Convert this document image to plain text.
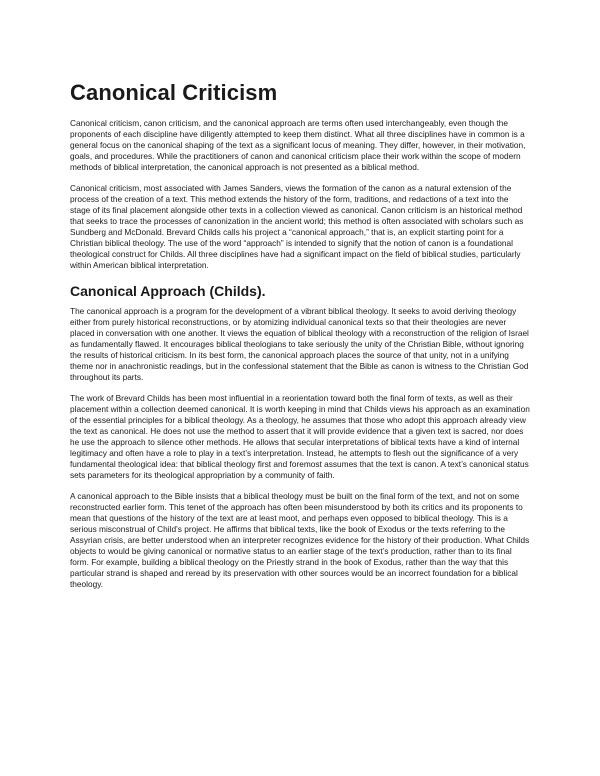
Canonical Criticism

Canonical criticism, canon criticism, and the canonical approach are terms often used interchangeably, even though the proponents of each discipline have diligently attempted to keep them distinct. What all three disciplines have in common is a general focus on the canonical shaping of the text as a significant locus of meaning. They differ, however, in their motivation, goals, and procedures. While the practitioners of canon and canonical criticism place their work within the scope of modern methods of biblical interpretation, the canonical approach is not presented as a biblical method.

Canonical criticism, most associated with James Sanders, views the formation of the canon as a natural extension of the process of the creation of a text. This method extends the history of the form, traditions, and redactions of a text into the stage of its final placement alongside other texts in a collection viewed as canonical. Canon criticism is an historical method that seeks to trace the processes of canonization in the ancient world; this method is often associated with scholars such as Sundberg and McDonald. Brevard Childs calls his project a “canonical approach,” that is, an explicit starting point for a Christian biblical theology. The use of the word “approach” is intended to signify that the notion of canon is a foundational theological construct for Childs. All three disciplines have had a significant impact on the field of biblical studies, particularly within American biblical interpretation.

Canonical Approach (Childs).

The canonical approach is a program for the development of a vibrant biblical theology. It seeks to avoid deriving theology either from purely historical reconstructions, or by atomizing individual canonical texts so that their theologies are never placed in conversation with one another. It views the equation of biblical theology with a reconstruction of the religion of Israel as fundamentally flawed. It encourages biblical theologians to take seriously the unity of the Christian Bible, without ignoring the results of historical criticism. In its best form, the canonical approach places the source of that unity, not in a unifying theme nor in anachronistic readings, but in the confessional statement that the Bible as canon is witness to the Christian God throughout its parts.

The work of Brevard Childs has been most influential in a reorientation toward both the final form of texts, as well as their placement within a collection deemed canonical. It is worth keeping in mind that Childs views his approach as an examination of the essential principles for a biblical theology. As a theology, he assumes that those who adopt this approach already view the text as canonical. He does not use the method to assert that it will provide evidence that a given text is sacred, nor does he use the approach to silence other methods. He allows that secular interpretations of biblical texts have a kind of internal legitimacy and often have a role to play in a text’s interpretation. Instead, he attempts to flesh out the significance of a very fundamental theological idea: that biblical theology first and foremost assumes that the text is canon. A text’s canonical status sets parameters for its theological appropriation by a community of faith.

A canonical approach to the Bible insists that a biblical theology must be built on the final form of the text, and not on some reconstructed earlier form. This tenet of the approach has often been misunderstood by both its critics and its proponents to mean that questions of the history of the text are at least moot, and perhaps even opposed to biblical theology. This is a serious misconstrual of Child’s project. He affirms that biblical texts, like the book of Exodus or the texts referring to the Assyrian crisis, are better understood when an interpreter recognizes evidence for the history of their production. What Childs objects to would be giving canonical or normative status to an earlier stage of the text’s production, rather than to its final form. For example, building a biblical theology on the Priestly strand in the book of Exodus, rather than the way that this particular strand is shaped and reread by its preservation with other sources would be an incorrect foundation for a biblical theology.
